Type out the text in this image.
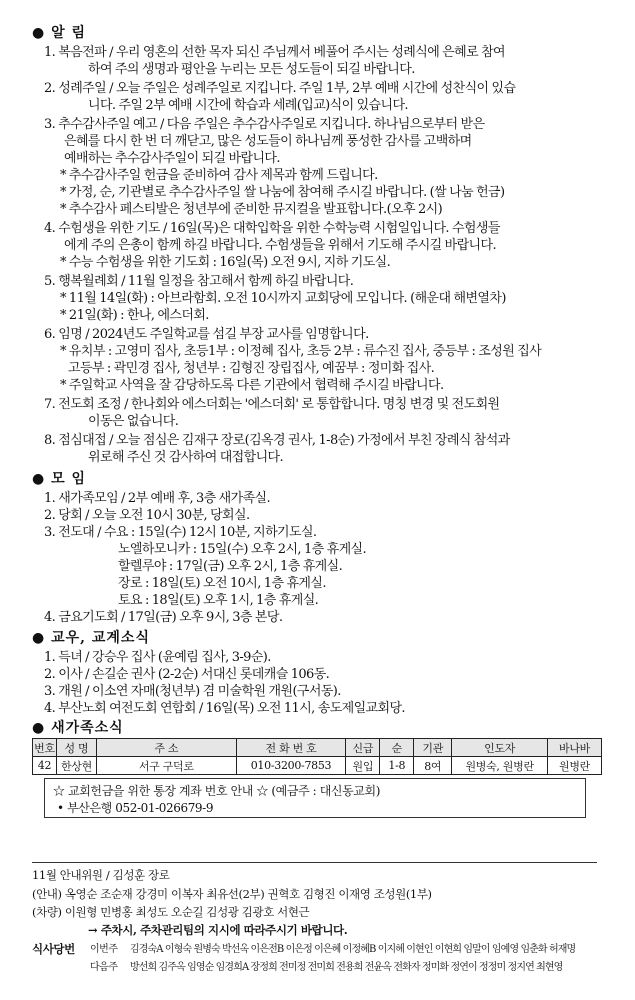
● 알 림
1. 복음전파 / 우리 영혼의 선한 목자 되신 주님께서 베풀어 주시는 성례식에 은혜로 참여
하여 주의 생명과 평안을 누리는 모든 성도들이 되길 바랍니다.
2. 성례주일 / 오늘 주일은 성례주일로 지킵니다. 주일 1부, 2부 예배 시간에 성찬식이 있습
니다. 주일 2부 예배 시간에 학습과 세례(입교)식이 있습니다.
3. 추수감사주일 예고 / 다음 주일은 추수감사주일로 지킵니다. 하나님으로부터 받은
은혜를 다시 한 번 더 깨닫고, 많은 성도들이 하나님께 풍성한 감사를 고백하며
예배하는 추수감사주일이 되길 바랍니다.
* 추수감사주일 헌금을 준비하여 감사 제목과 함께 드립니다.
* 가정, 순, 기관별로 추수감사주일 쌀 나눔에 참여해 주시길 바랍니다. (쌀 나눔 헌금)
* 추수감사 페스티발은 청년부에 준비한 뮤지컬을 발표합니다.(오후 2시)
4. 수험생을 위한 기도 / 16일(목)은 대학입학을 위한 수학능력 시험일입니다. 수험생들
에게 주의 은총이 함께 하길 바랍니다. 수험생들을 위해서 기도해 주시길 바랍니다.
* 수능 수험생을 위한 기도회 : 16일(목) 오전 9시, 지하 기도실.
5. 행복월례회 / 11월 일정을 참고해서 함께 하길 바랍니다.
* 11월 14일(화) : 아브라함회. 오전 10시까지 교회당에 모입니다. (해운대 해변열차)
* 21일(화) : 한나, 에스더회.
6. 임명 / 2024년도 주일학교를 섬길 부장 교사를 임명합니다.
* 유치부 : 고영미 집사, 초등1부 : 이정혜 집사, 초등 2부 : 류수진 집사, 중등부 : 조성원 집사
고등부 : 곽민경 집사, 청년부 : 김형진 장립집사, 예꿈부 : 정미화 집사.
* 주일학교 사역을 잘 감당하도록 다른 기관에서 협력해 주시길 바랍니다.
7. 전도회 조정 / 한나회와 에스더회는 '에스더회' 로 통합합니다. 명칭 변경 및 전도회원
이동은 없습니다.
8. 점심대접 / 오늘 점심은 김재구 장로(김옥경 권사, 1-8순) 가정에서 부친 장례식 참석과
위로해 주신 것 감사하여 대접합니다.
● 모 임
1. 새가족모임 / 2부 예배 후, 3층 새가족실.
2. 당회 / 오늘 오전 10시 30분, 당회실.
3. 전도대 / 수요 : 15일(수) 12시 10분, 지하기도실.
노엘하모니카 : 15일(수) 오후 2시, 1층 휴게실.
할렐루야 : 17일(금) 오후 2시, 1층 휴게실.
장로 : 18일(토) 오전 10시, 1층 휴게실.
토요 : 18일(토) 오후 1시, 1층 휴게실.
4. 금요기도회 / 17일(금) 오후 9시, 3층 본당.
● 교우, 교계소식
1. 득녀 / 강승우 집사 (윤예림 집사, 3-9순).
2. 이사 / 손길순 권사 (2-2순) 서대신 롯데캐슬 106동.
3. 개원 / 이소연 자매(청년부) 겸 미술학원 개원(구서동).
4. 부산노회 여전도회 연합회 / 16일(목) 오전 11시, 송도제일교회당.
● 새가족소식
번호	성 명	주 소	전 화 번 호	신급	순	기관	인도자	바나바
42	한상현	서구 구덕로	010-3200-7853	원입	1-8	8여	원병숙, 원병란	원병란
☆ 교회헌금을 위한 통장 계좌 번호 안내 ☆ (예금주 : 대신동교회)
• 부산은행 052-01-026679-9
11월 안내위원 / 김성훈 장로
(안내) 옥영순 조순재 강경미 이복자 최유선(2부) 권혁호 김형진 이재영 조성원(1부)
(차량) 이원형 민병홍 최성도 오순길 김성광 김광호 서현근
→ 주차시, 주차관리팀의 지시에 따라주시기 바랍니다.
식사당번 이번주 김경숙A 이형숙 원병숙 박선옥 이은전B 이은정 이은혜 이정혜B 이지혜 이현인 이현희 임말이 임예영 임춘화 허재명
다음주 방선희 김주옥 임영순 임경희A 장정희 전미정 전미희 전용희 전윤옥 전화자 정미화 정연이 정정미 정지연 최현영
